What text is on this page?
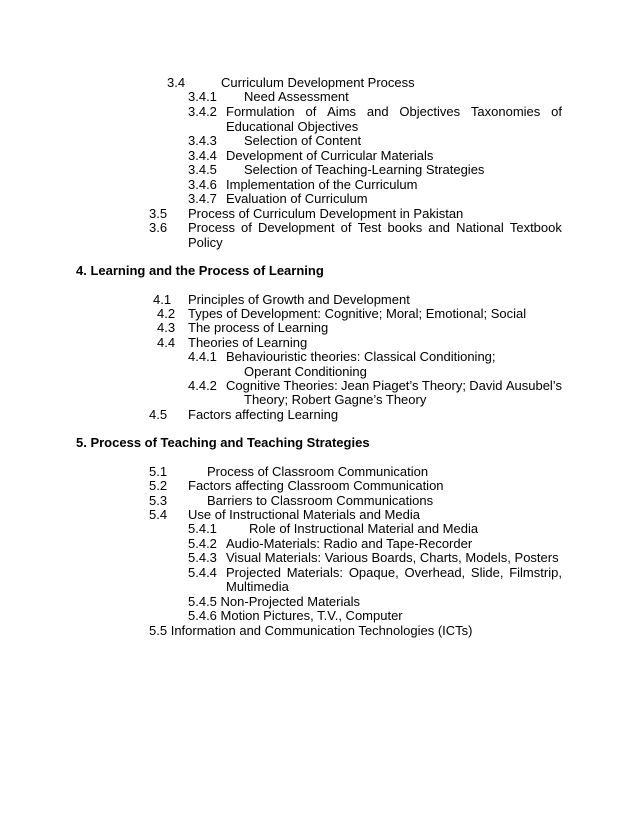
3.4	Curriculum Development Process
3.4.1 Need Assessment
3.4.2 Formulation of Aims and Objectives Taxonomies of
Educational Objectives
3.4.3 Selection of Content
3.4.4 Development of Curricular Materials
3.4.5 Selection of Teaching-Learning Strategies
3.4.6 Implementation of the Curriculum
3.4.7 Evaluation of Curriculum
3.5 Process of Curriculum Development in Pakistan
3.6 Process of Development of Test books and National Textbook
Policy
4. Learning and the Process of Learning
4.1 Principles of Growth and Development
4.2 Types of Development: Cognitive; Moral; Emotional; Social
4.3 The process of Learning
4.4 Theories of Learning
4.4.1 Behaviouristic theories: Classical Conditioning;
Operant Conditioning
4.4.2 Cognitive Theories: Jean Piaget’s Theory; David Ausubel’s
Theory; Robert Gagne’s Theory
4.5 Factors affecting Learning
5. Process of Teaching and Teaching Strategies
5.1	Process of Classroom Communication
5.2 Factors affecting Classroom Communication
5.3	Barriers to Classroom Communications
5.4 Use of Instructional Materials and Media
5.4.1 Role of Instructional Material and Media
5.4.2 Audio-Materials: Radio and Tape-Recorder
5.4.3 Visual Materials: Various Boards, Charts, Models, Posters
5.4.4 Projected Materials: Opaque, Overhead, Slide, Filmstrip,
Multimedia
5.4.5 Non-Projected Materials
5.4.6 Motion Pictures, T.V., Computer
5.5 Information and Communication Technologies (ICTs)
